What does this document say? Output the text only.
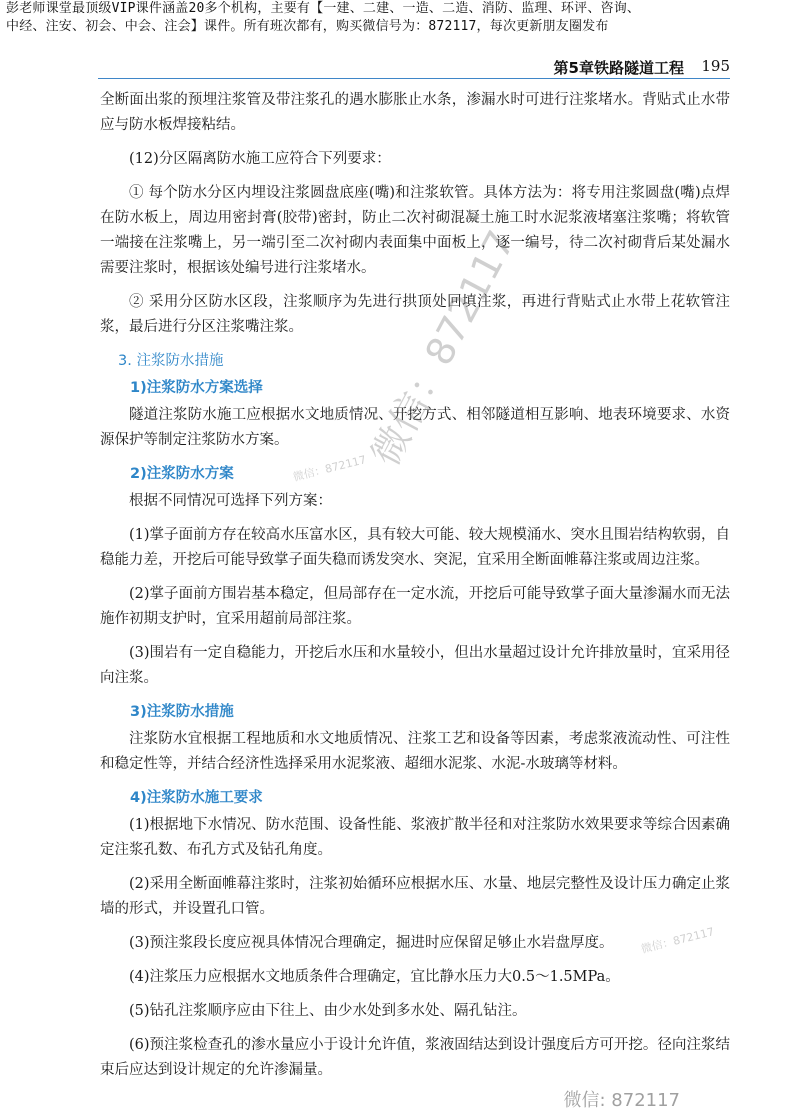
彭老师课堂最顶级VIP课件涵盖20多个机构，主要有【一建、二建、一造、二造、消防、监理、环评、咨询、
中经、注安、初会、中会、注会】课件。所有班次都有，购买微信号为：872117，每次更新朋友圈发布
第5章铁路隧道工程 195

全断面出浆的预埋注浆管及带注浆孔的遇水膨胀止水条，渗漏水时可进行注浆堵水。背贴式止水带应与防水板焊接粘结。

(12)分区隔离防水施工应符合下列要求：

① 每个防水分区内埋设注浆圆盘底座(嘴)和注浆软管。具体方法为：将专用注浆圆盘(嘴)点焊在防水板上，周边用密封膏(胶带)密封，防止二次衬砌混凝土施工时水泥浆液堵塞注浆嘴；将软管一端接在注浆嘴上，另一端引至二次衬砌内表面集中面板上，逐一编号，待二次衬砌背后某处漏水需要注浆时，根据该处编号进行注浆堵水。

② 采用分区防水区段，注浆顺序为先进行拱顶处回填注浆，再进行背贴式止水带上花软管注浆，最后进行分区注浆嘴注浆。

3. 注浆防水措施
1)注浆防水方案选择

隧道注浆防水施工应根据水文地质情况、开挖方式、相邻隧道相互影响、地表环境要求、水资源保护等制定注浆防水方案。

2)注浆防水方案

根据不同情况可选择下列方案：

(1)掌子面前方存在较高水压富水区，具有较大可能、较大规模涌水、突水且围岩结构软弱，自稳能力差，开挖后可能导致掌子面失稳而诱发突水、突泥，宜采用全断面帷幕注浆或周边注浆。

(2)掌子面前方围岩基本稳定，但局部存在一定水流，开挖后可能导致掌子面大量渗漏水而无法施作初期支护时，宜采用超前局部注浆。

(3)围岩有一定自稳能力，开挖后水压和水量较小，但出水量超过设计允许排放量时，宜采用径向注浆。

3)注浆防水措施

注浆防水宜根据工程地质和水文地质情况、注浆工艺和设备等因素，考虑浆液流动性、可注性和稳定性等，并结合经济性选择采用水泥浆液、超细水泥浆、水泥-水玻璃等材料。

4)注浆防水施工要求

(1)根据地下水情况、防水范围、设备性能、浆液扩散半径和对注浆防水效果要求等综合因素确定注浆孔数、布孔方式及钻孔角度。

(2)采用全断面帷幕注浆时，注浆初始循环应根据水压、水量、地层完整性及设计压力确定止浆墙的形式，并设置孔口管。

(3)预注浆段长度应视具体情况合理确定，掘进时应保留足够止水岩盘厚度。

(4)注浆压力应根据水文地质条件合理确定，宜比静水压力大0.5～1.5MPa。

(5)钻孔注浆顺序应由下往上、由少水处到多水处、隔孔钻注。

(6)预注浆检查孔的渗水量应小于设计允许值，浆液固结达到设计强度后方可开挖。径向注浆结束后应达到设计规定的允许渗漏量。

微信：872117
微信：872117
微信：872117
微信: 872117
